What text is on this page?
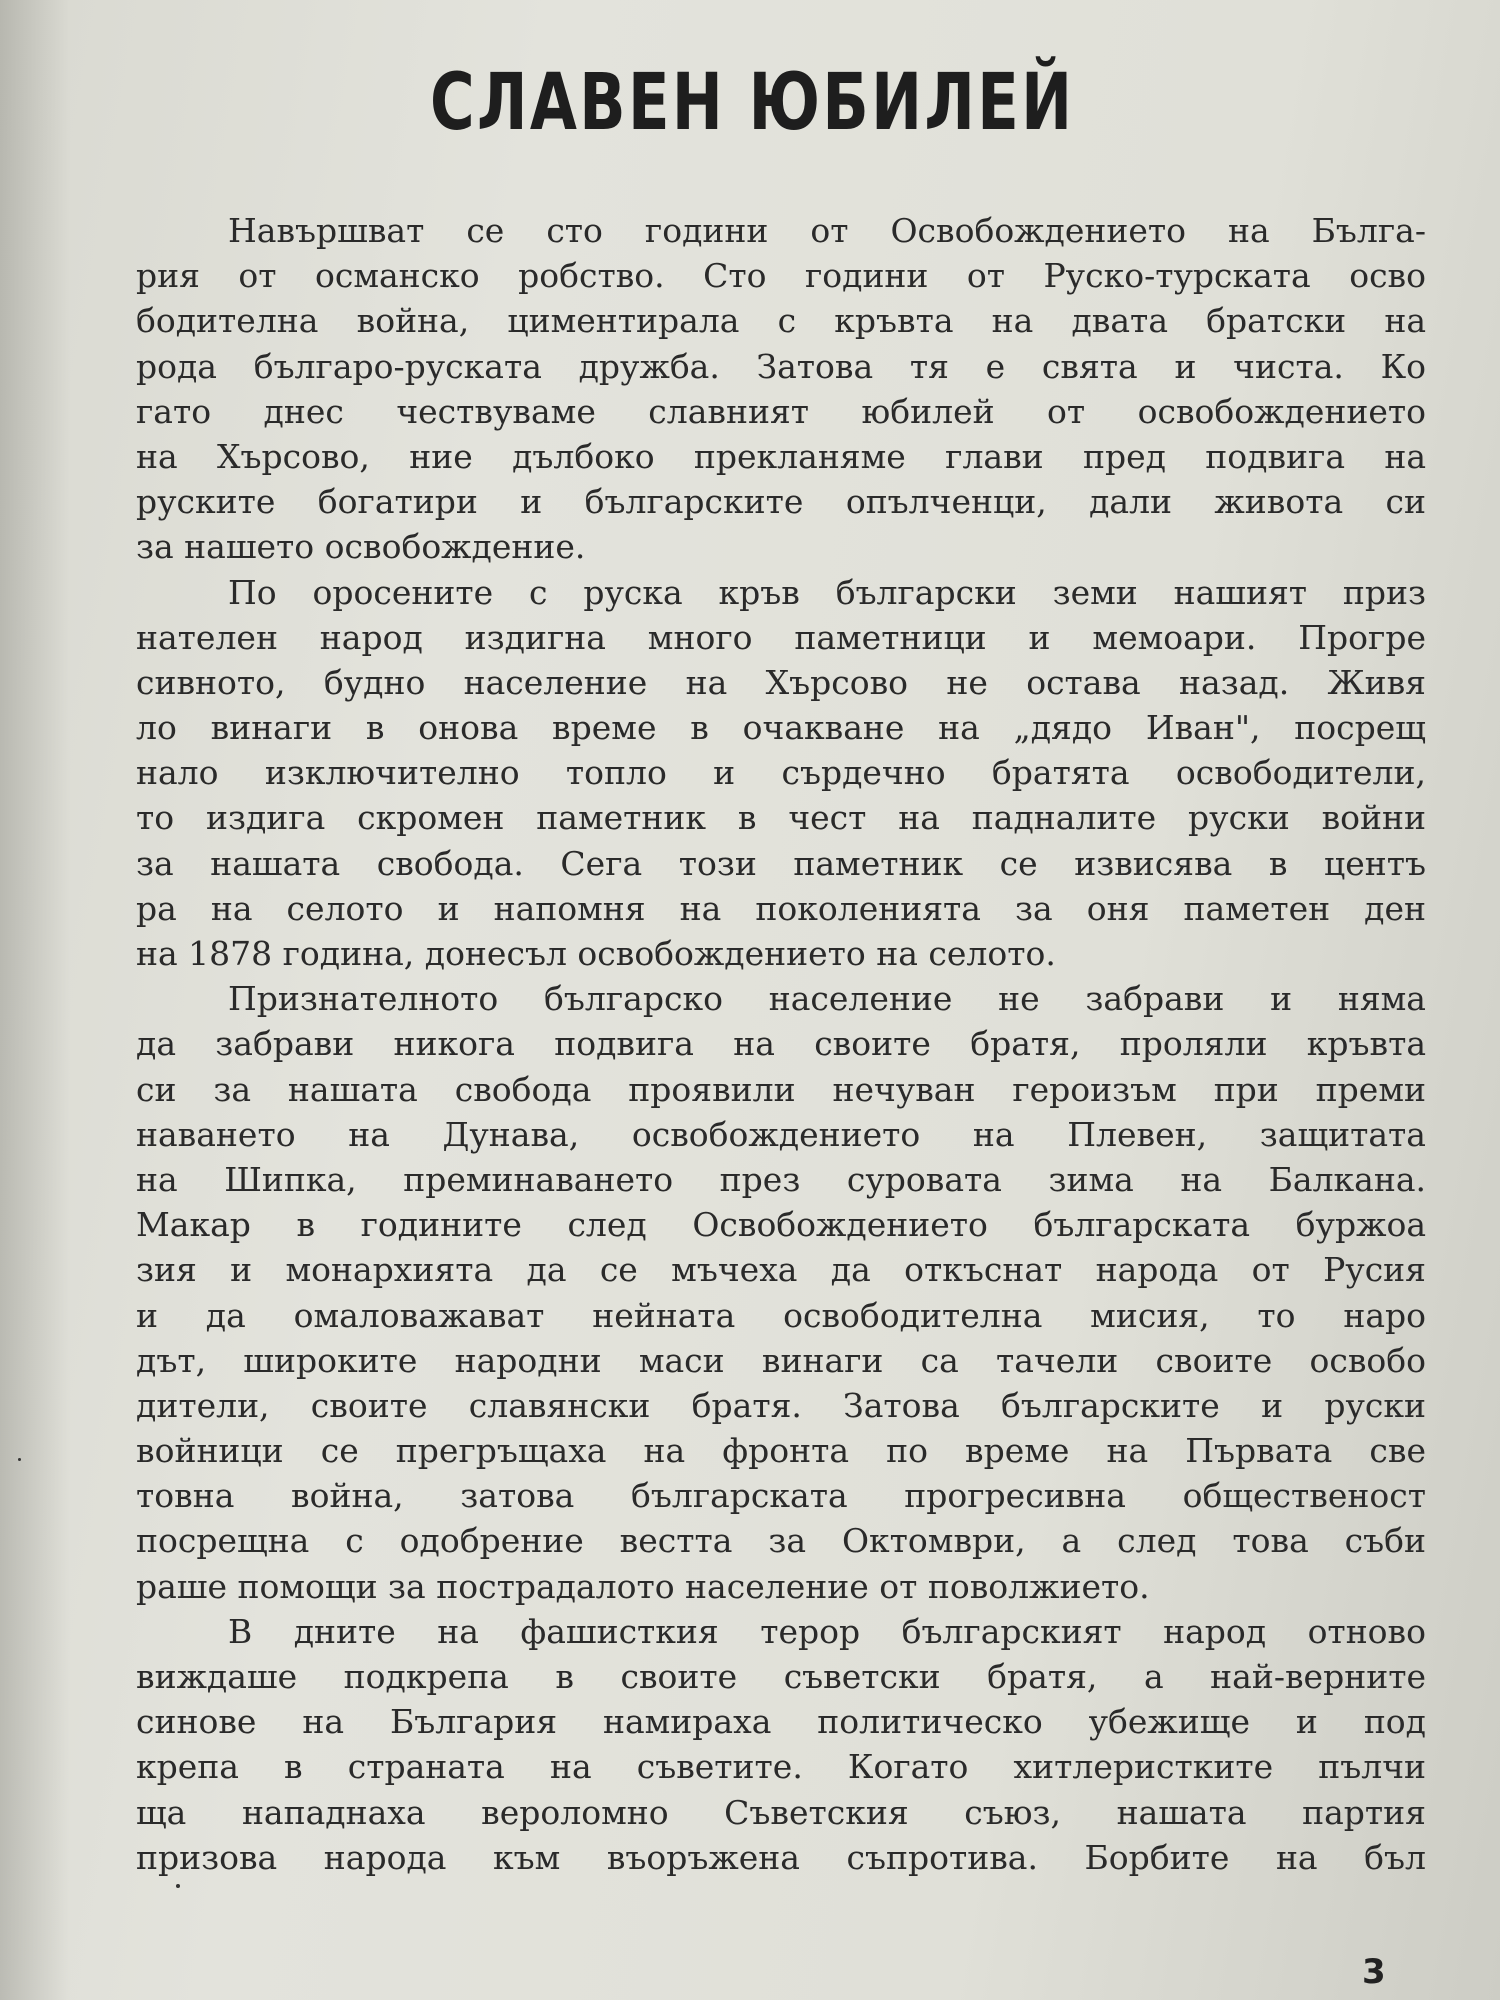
СЛАВЕН ЮБИЛЕЙ
Навършват се сто години от Освобождението на Бълга-
рия от османско робство. Сто години от Руско-турската осво
бодителна война, циментирала с кръвта на двата братски на
рода българо-руската дружба. Затова тя е свята и чиста. Ко
гато днес чествуваме славният юбилей от освобождението
на Хърсово, ние дълбоко прекланяме глави пред подвига на
руските богатири и българските опълченци, дали живота си
за нашето освобождение.
По оросените с руска кръв български земи нашият приз
нателен народ издигна много паметници и мемоари. Прогре
сивното, будно население на Хърсово не остава назад. Живя
ло винаги в онова време в очакване на „дядо Иван", посрещ
нало изключително топло и сърдечно братята освободители,
то издига скромен паметник в чест на падналите руски войни
за нашата свобода. Сега този паметник се извисява в центъ
ра на селото и напомня на поколенията за оня паметен ден
на 1878 година, донесъл освобождението на селото.
Признателното българско население не забрави и няма
да забрави никога подвига на своите братя, проляли кръвта
си за нашата свобода проявили нечуван героизъм при преми
наването на Дунава, освобождението на Плевен, защитата
на Шипка, преминаването през суровата зима на Балкана.
Макар в годините след Освобождението българската буржоа
зия и монархията да се мъчеха да откъснат народа от Русия
и да омаловажават нейната освободителна мисия, то наро
дът, широките народни маси винаги са тачели своите освобо
дители, своите славянски братя. Затова българските и руски
войници се прегръщаха на фронта по време на Първата све
товна война, затова българската прогресивна общественост
посрещна с одобрение вестта за Октомври, а след това съби
раше помощи за пострадалото население от поволжието.
В дните на фашисткия терор българският народ отново
виждаше подкрепа в своите съветски братя, а най-верните
синове на България намираха политическо убежище и под
крепа в страната на съветите. Когато хитлеристките пълчи
ща нападнаха вероломно Съветския съюз, нашата партия
призова народа към въоръжена съпротива. Борбите на бъл
3
